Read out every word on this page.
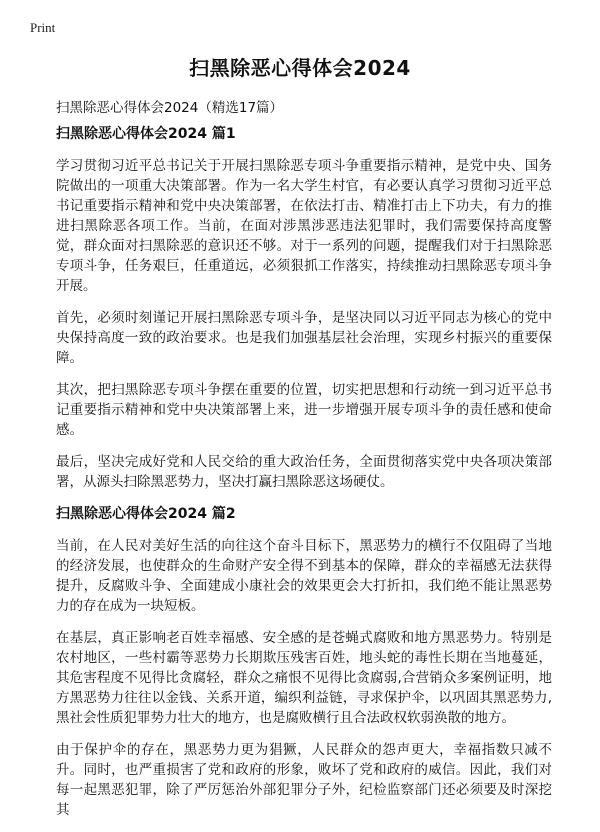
Print
扫黑除恶心得体会2024

扫黑除恶心得体会2024（精选17篇）

扫黑除恶心得体会2024 篇1

学习贯彻习近平总书记关于开展扫黑除恶专项斗争重要指示精神，是党中央、国务院做出的一项重大决策部署。作为一名大学生村官，有必要认真学习贯彻习近平总书记重要指示精神和党中央决策部署，在依法打击、精准打击上下功夫，有力的推进扫黑除恶各项工作。当前，在面对涉黑涉恶违法犯罪时，我们需要保持高度警觉，群众面对扫黑除恶的意识还不够。对于一系列的问题，提醒我们对于扫黑除恶专项斗争，任务艰巨，任重道远，必须狠抓工作落实，持续推动扫黑除恶专项斗争开展。

首先，必须时刻谨记开展扫黑除恶专项斗争，是坚决同以习近平同志为核心的党中央保持高度一致的政治要求。也是我们加强基层社会治理，实现乡村振兴的重要保障。

其次，把扫黑除恶专项斗争摆在重要的位置，切实把思想和行动统一到习近平总书记重要指示精神和党中央决策部署上来，进一步增强开展专项斗争的责任感和使命感。

最后，坚决完成好党和人民交给的重大政治任务，全面贯彻落实党中央各项决策部署，从源头扫除黑恶势力，坚决打赢扫黑除恶这场硬仗。

扫黑除恶心得体会2024 篇2

当前，在人民对美好生活的向往这个奋斗目标下，黑恶势力的横行不仅阻碍了当地的经济发展，也使群众的生命财产安全得不到基本的保障，群众的幸福感无法获得提升，反腐败斗争、全面建成小康社会的效果更会大打折扣，我们绝不能让黑恶势力的存在成为一块短板。

在基层，真正影响老百姓幸福感、安全感的是苍蝇式腐败和地方黑恶势力。特别是农村地区，一些村霸等恶势力长期欺压残害百姓，地头蛇的毒性长期在当地蔓延，其危害程度不见得比贪腐轻，群众之痛恨不见得比贪腐弱,合营销众多案例证明，地方黑恶势力往往以金钱、关系开道，编织利益链，寻求保护伞，以巩固其黑恶势力,黑社会性质犯罪势力壮大的地方，也是腐败横行且合法政权软弱涣散的地方。

由于保护伞的存在，黑恶势力更为猖獗，人民群众的怨声更大，幸福指数只减不升。同时，也严重损害了党和政府的形象，败坏了党和政府的威信。因此，我们对每一起黑恶犯罪，除了严厉惩治外部犯罪分子外，纪检监察部门还必须要及时深挖其
